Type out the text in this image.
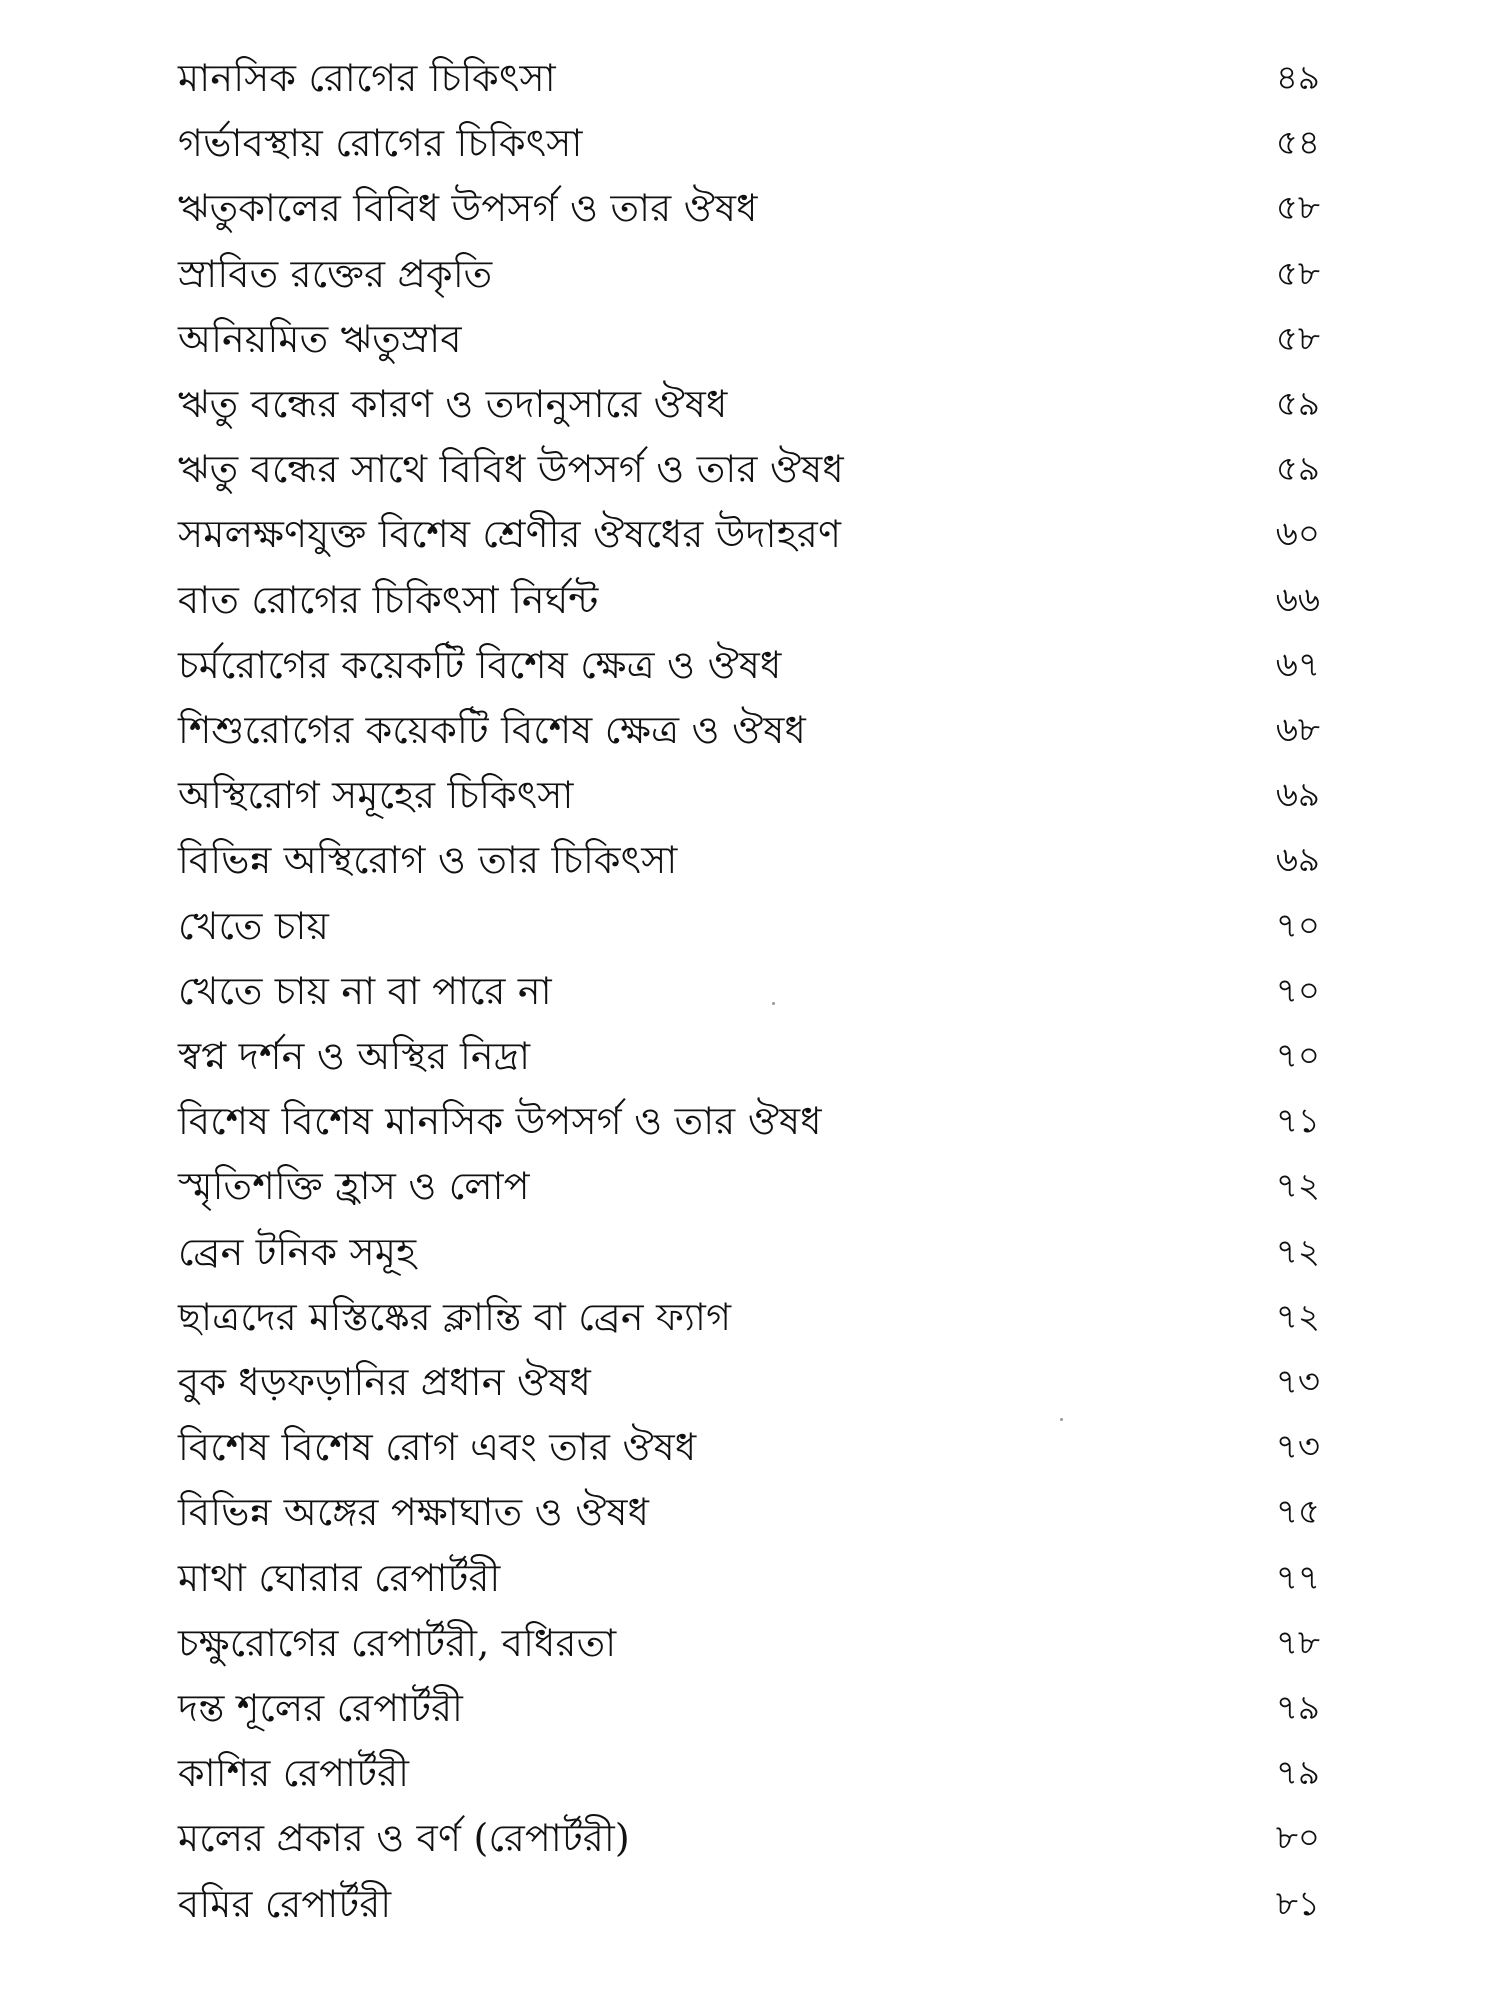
মানসিক রোগের চিকিৎসা	৪৯
গর্ভাবস্থায় রোগের চিকিৎসা	৫৪
ঋতুকালের বিবিধ উপসর্গ ও তার ঔষধ	৫৮
স্রাবিত রক্তের প্রকৃতি	৫৮
অনিয়মিত ঋতুস্রাব	৫৮
ঋতু বন্ধের কারণ ও তদানুসারে ঔষধ	৫৯
ঋতু বন্ধের সাথে বিবিধ উপসর্গ ও তার ঔষধ	৫৯
সমলক্ষণযুক্ত বিশেষ শ্রেণীর ঔষধের উদাহরণ	৬০
বাত রোগের চিকিৎসা নির্ঘন্ট	৬৬
চর্মরোগের কয়েকটি বিশেষ ক্ষেত্র ও ঔষধ	৬৭
শিশুরোগের কয়েকটি বিশেষ ক্ষেত্র ও ঔষধ	৬৮
অস্থিরোগ সমূহের চিকিৎসা	৬৯
বিভিন্ন অস্থিরোগ ও তার চিকিৎসা	৬৯
খেতে চায়	৭০
খেতে চায় না বা পারে না	৭০
স্বপ্ন দর্শন ও অস্থির নিদ্রা	৭০
বিশেষ বিশেষ মানসিক উপসর্গ ও তার ঔষধ	৭১
স্মৃতিশক্তি হ্রাস ও লোপ	৭২
ব্রেন টনিক সমূহ	৭২
ছাত্রদের মস্তিষ্কের ক্লান্তি বা ব্রেন ফ্যাগ	৭২
বুক ধড়ফড়ানির প্রধান ঔষধ	৭৩
বিশেষ বিশেষ রোগ এবং তার ঔষধ	৭৩
বিভিন্ন অঙ্গের পক্ষাঘাত ও ঔষধ	৭৫
মাথা ঘোরার রেপার্টরী	৭৭
চক্ষুরোগের রেপার্টরী, বধিরতা	৭৮
দন্ত শূলের রেপার্টরী	৭৯
কাশির রেপার্টরী	৭৯
মলের প্রকার ও বর্ণ (রেপার্টরী)	৮০
বমির রেপার্টরী	৮১
